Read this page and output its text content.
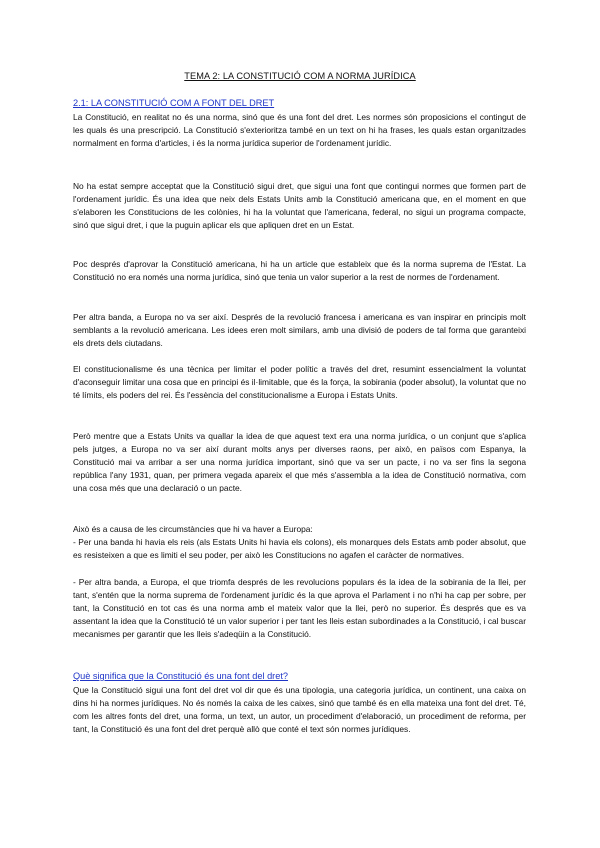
TEMA 2: LA CONSTITUCIÓ COM A NORMA JURÍDICA
2.1: LA CONSTITUCIÓ COM A FONT DEL DRET

La Constitució, en realitat no és una norma, sinó que és una font del dret. Les normes són proposicions el contingut de les quals és una prescripció. La Constitució s'exterioritza també en un text on hi ha frases, les quals estan organitzades normalment en forma d'articles, i és la norma jurídica superior de l'ordenament jurídic.

No ha estat sempre acceptat que la Constitució sigui dret, que sigui una font que contingui normes que formen part de l'ordenament jurídic. És una idea que neix dels Estats Units amb la Constitució americana que, en el moment en que s'elaboren les Constitucions de les colònies, hi ha la voluntat que l'americana, federal, no sigui un programa compacte, sinó que sigui dret, i que la puguin aplicar els que apliquen dret en un Estat.

Poc després d'aprovar la Constitució americana, hi ha un article que estableix que és la norma suprema de l'Estat. La Constitució no era només una norma jurídica, sinó que tenia un valor superior a la rest de normes de l'ordenament.

Per altra banda, a Europa no va ser així. Després de la revolució francesa i americana es van inspirar en principis molt semblants a la revolució americana. Les idees eren molt similars, amb una divisió de poders de tal forma que garanteixi els drets dels ciutadans.

El constitucionalisme és una tècnica per limitar el poder polític a través del dret, resumint essencialment la voluntat d'aconseguir limitar una cosa que en principi és il·limitable, que és la força, la sobirania (poder absolut), la voluntat que no té límits, els poders del rei. És l'essència del constitucionalisme a Europa i Estats Units.

Però mentre que a Estats Units va quallar la idea de que aquest text era una norma jurídica, o un conjunt que s'aplica pels jutges, a Europa no va ser així durant molts anys per diverses raons, per això, en països com Espanya, la Constitució mai va arribar a ser una norma jurídica important, sinó que va ser un pacte, i no va ser fins la segona república l'any 1931, quan, per primera vegada apareix el que més s'assembla a la idea de Constitució normativa, com una cosa més que una declaració o un pacte.

Això és a causa de les circumstàncies que hi va haver a Europa:

- Per una banda hi havia els reis (als Estats Units hi havia els colons), els monarques dels Estats amb poder absolut, que es resisteixen a que es limiti el seu poder, per això les Constitucions no agafen el caràcter de normatives.

- Per altra banda, a Europa, el que triomfa després de les revolucions populars és la idea de la sobirania de la llei, per tant, s'entén que la norma suprema de l'ordenament jurídic és la que aprova el Parlament i no n'hi ha cap per sobre, per tant, la Constitució en tot cas és una norma amb el mateix valor que la llei, però no superior. És després que es va assentant la idea que la Constitució té un valor superior i per tant les lleis estan subordinades a la Constitució, i cal buscar mecanismes per garantir que les lleis s'adeqüin a la Constitució.

Què significa que la Constitució és una font del dret?

Que la Constitució sigui una font del dret vol dir que és una tipologia, una categoria jurídica, un continent, una caixa on dins hi ha normes jurídiques. No és només la caixa de les caixes, sinó que també és en ella mateixa una font del dret. Té, com les altres fonts del dret, una forma, un text, un autor, un procediment d'elaboració, un procediment de reforma, per tant, la Constitució és una font del dret perquè allò que conté el text són normes jurídiques.
